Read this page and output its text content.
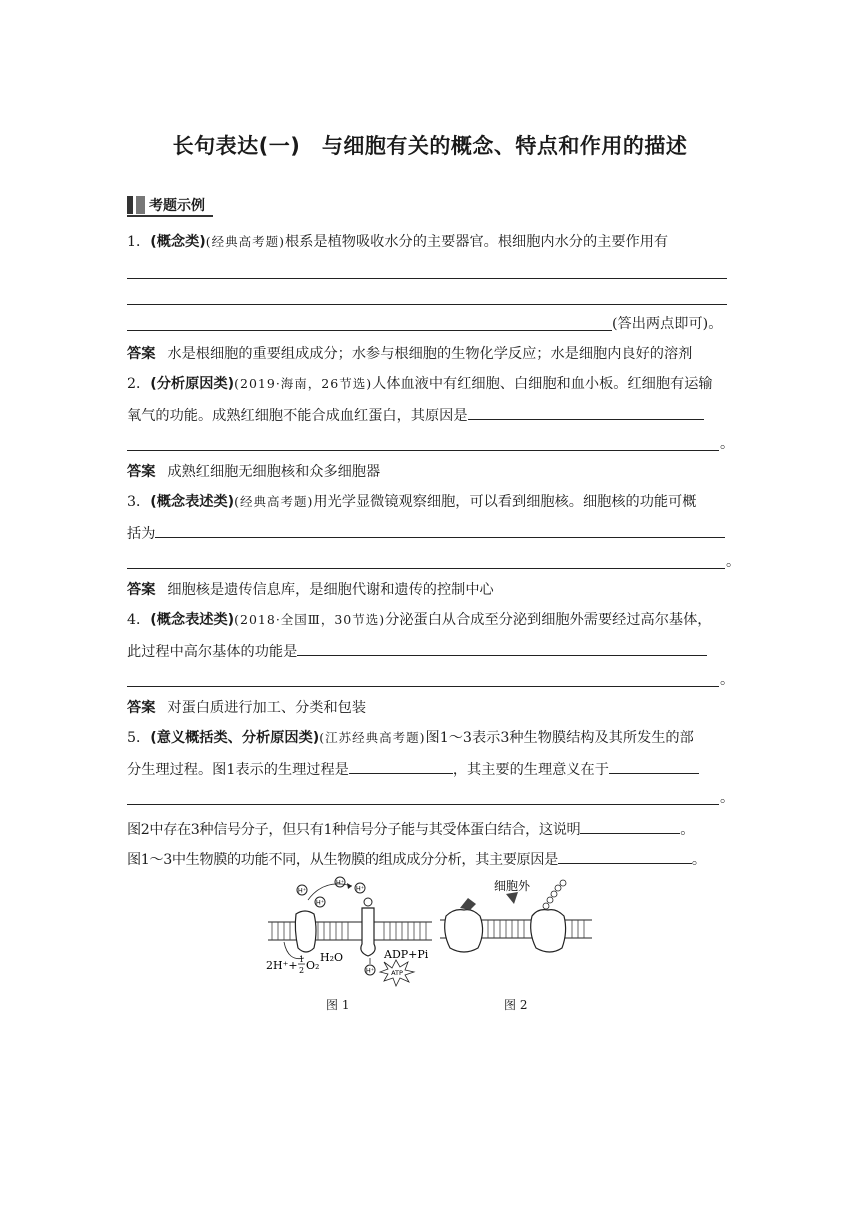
长句表达(一)　与细胞有关的概念、特点和作用的描述
考题示例
1．(概念类)(经典高考题)根系是植物吸收水分的主要器官。根细胞内水分的主要作用有
(答出两点即可)。
答案 水是根细胞的重要组成成分；水参与根细胞的生物化学反应；水是细胞内良好的溶剂
2．(分析原因类)(2019·海南，26节选)人体血液中有红细胞、白细胞和血小板。红细胞有运输
氧气的功能。成熟红细胞不能合成血红蛋白，其原因是
。
答案 成熟红细胞无细胞核和众多细胞器
3．(概念表述类)(经典高考题)用光学显微镜观察细胞，可以看到细胞核。细胞核的功能可概
括为
。
答案 细胞核是遗传信息库，是细胞代谢和遗传的控制中心
4．(概念表述类)(2018·全国Ⅲ，30节选)分泌蛋白从合成至分泌到细胞外需要经过高尔基体，
此过程中高尔基体的功能是
。
答案 对蛋白质进行加工、分类和包装
5．(意义概括类、分析原因类)(江苏经典高考题)图1～3表示3种生物膜结构及其所发生的部
分生理过程。图1表示的生理过程是	，其主要的生理意义在于
。
图2中存在3种信号分子，但只有1种信号分子能与其受体蛋白结合，这说明	。
图1～3中生物膜的功能不同，从生物膜的组成成分分析，其主要原因是	。
H⁺
H⁺
H⁺
H⁺
H⁺	ATP
ADP+Pi
2H⁺+ 1
2 O₂
H₂O
图 1
细胞外
图 2
